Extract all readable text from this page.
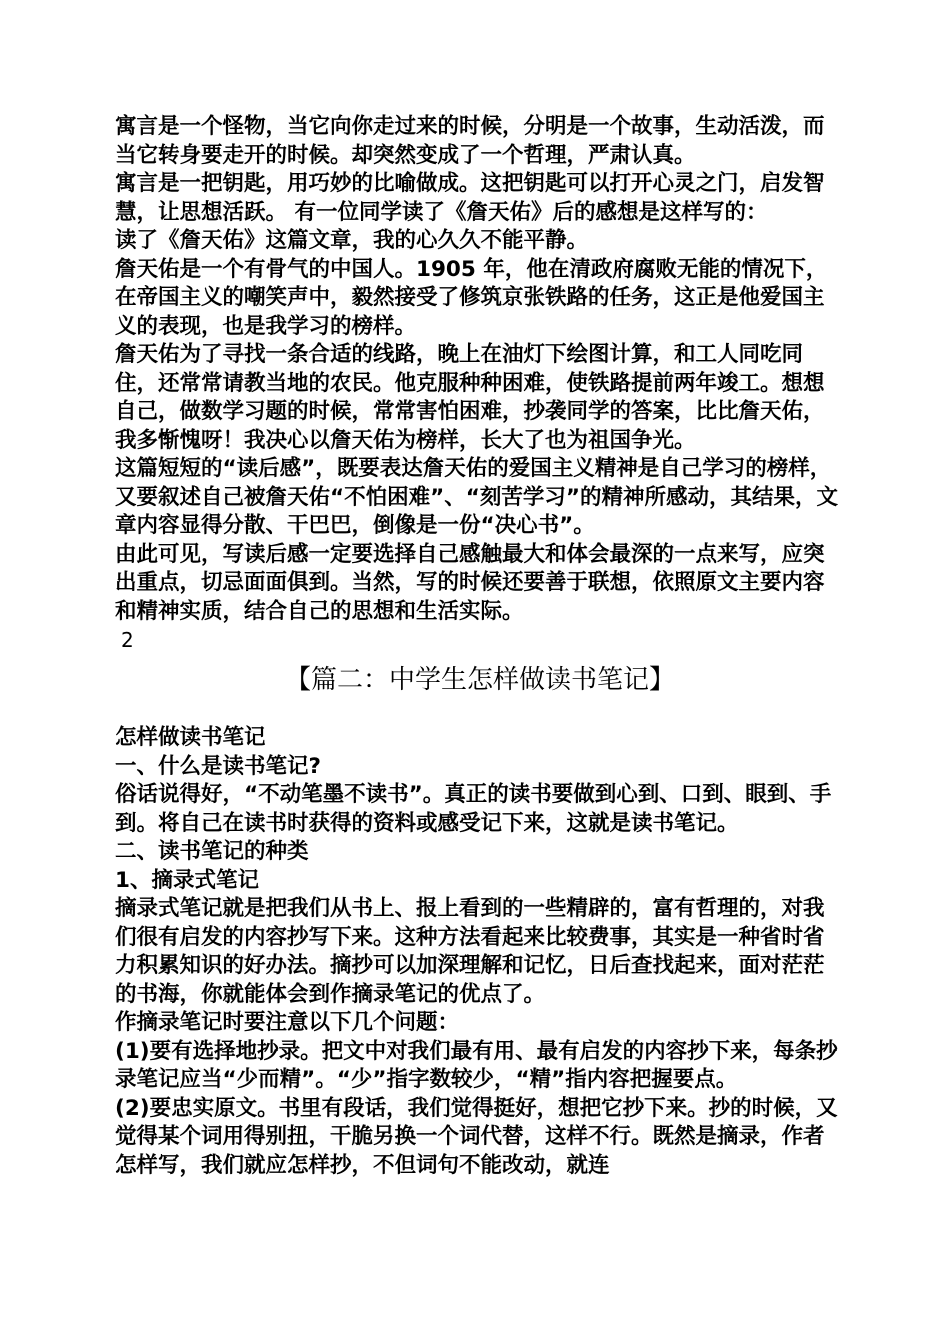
寓言是一个怪物，当它向你走过来的时候，分明是一个故事，生动活泼，而当它转身要走开的时候。却突然变成了一个哲理，严肃认真。

寓言是一把钥匙，用巧妙的比喻做成。这把钥匙可以打开心灵之门，启发智慧，让思想活跃。 有一位同学读了《詹天佑》后的感想是这样写的：

读了《詹天佑》这篇文章，我的心久久不能平静。

詹天佑是一个有骨气的中国人。1905 年，他在清政府腐败无能的情况下，在帝国主义的嘲笑声中，毅然接受了修筑京张铁路的任务，这正是他爱国主义的表现，也是我学习的榜样。

詹天佑为了寻找一条合适的线路，晚上在油灯下绘图计算，和工人同吃同住，还常常请教当地的农民。他克服种种困难，使铁路提前两年竣工。想想自己，做数学习题的时候，常常害怕困难，抄袭同学的答案，比比詹天佑，我多惭愧呀！我决心以詹天佑为榜样，长大了也为祖国争光。

这篇短短的“读后感”，既要表达詹天佑的爱国主义精神是自己学习的榜样，又要叙述自己被詹天佑“不怕困难”、“刻苦学习”的精神所感动，其结果，文章内容显得分散、干巴巴，倒像是一份“决心书”。

由此可见，写读后感一定要选择自己感触最大和体会最深的一点来写，应突出重点，切忌面面俱到。当然，写的时候还要善于联想，依照原文主要内容和精神实质，结合自己的思想和生活实际。

2

【篇二：中学生怎样做读书笔记】

怎样做读书笔记

一、什么是读书笔记?

俗话说得好，“不动笔墨不读书”。真正的读书要做到心到、口到、眼到、手到。将自己在读书时获得的资料或感受记下来，这就是读书笔记。

二、读书笔记的种类

1、摘录式笔记

摘录式笔记就是把我们从书上、报上看到的一些精辟的，富有哲理的，对我们很有启发的内容抄写下来。这种方法看起来比较费事，其实是一种省时省力积累知识的好办法。摘抄可以加深理解和记忆，日后查找起来，面对茫茫的书海，你就能体会到作摘录笔记的优点了。

作摘录笔记时要注意以下几个问题：

(1)要有选择地抄录。把文中对我们最有用、最有启发的内容抄下来，每条抄录笔记应当“少而精”。“少”指字数较少，“精”指内容把握要点。

(2)要忠实原文。书里有段话，我们觉得挺好，想把它抄下来。抄的时候，又觉得某个词用得别扭，干脆另换一个词代替，这样不行。既然是摘录，作者怎样写，我们就应怎样抄，不但词句不能改动，就连
